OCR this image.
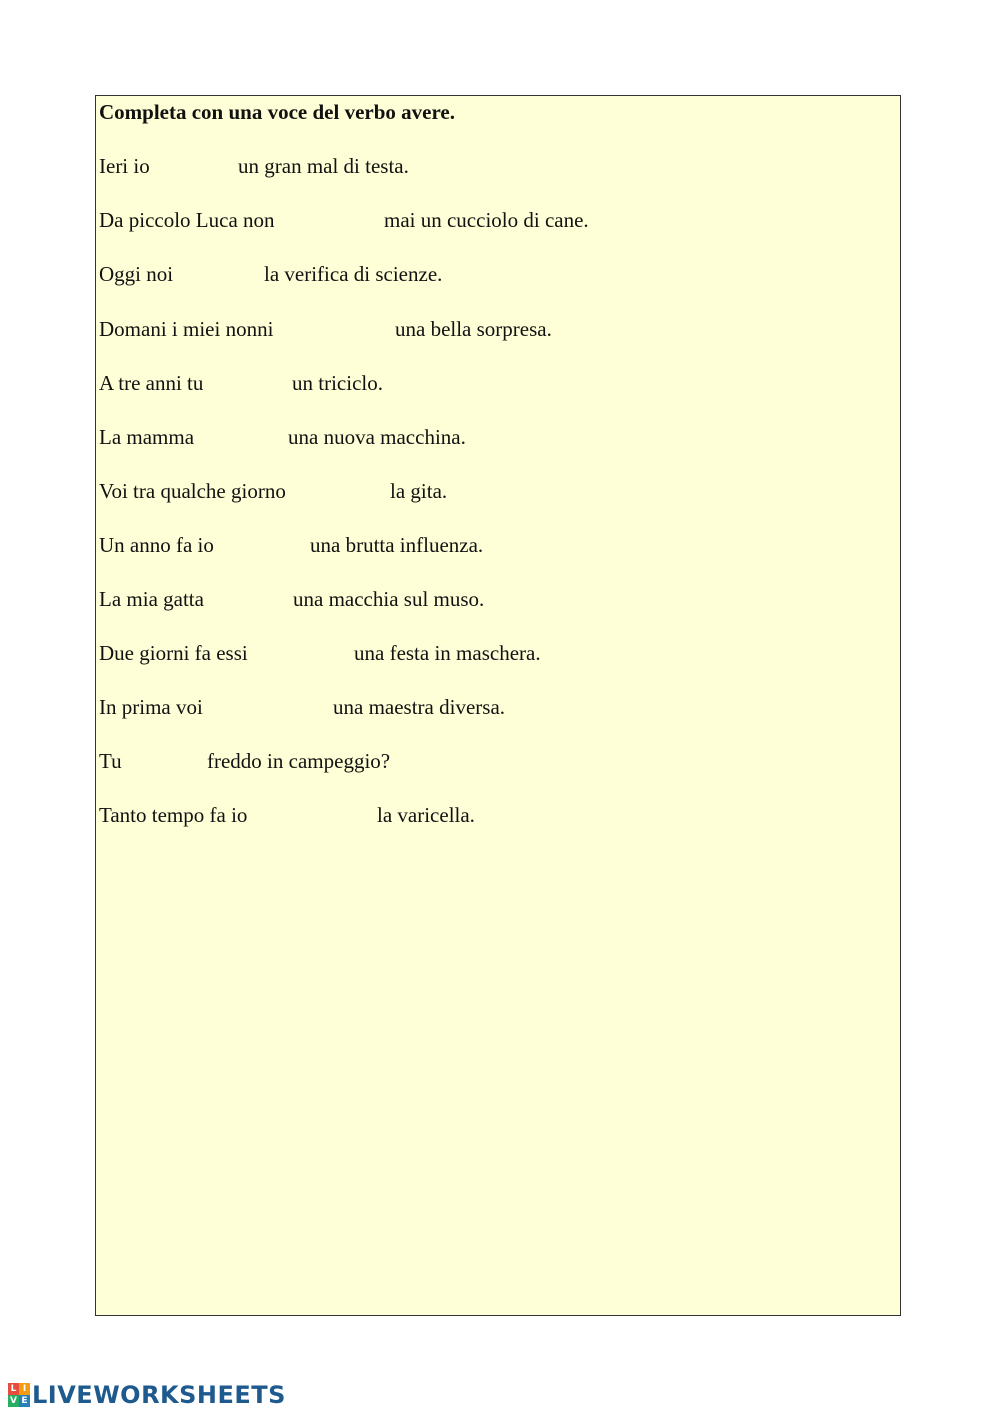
Completa con una voce del verbo avere.
Ieri io	un gran mal di testa.
Da piccolo Luca non	mai un cucciolo di cane.
Oggi noi	la verifica di scienze.
Domani i miei nonni	una bella sorpresa.
A tre anni tu	un triciclo.
La mamma	una nuova macchina.
Voi tra qualche giorno	la gita.
Un anno fa io	una brutta influenza.
La mia gatta	una macchia sul muso.
Due giorni fa essi	una festa in maschera.
In prima voi	una maestra diversa.
Tu	freddo in campeggio?
Tanto tempo fa io	la varicella.
L I
V E LIVEWORKSHEETS
